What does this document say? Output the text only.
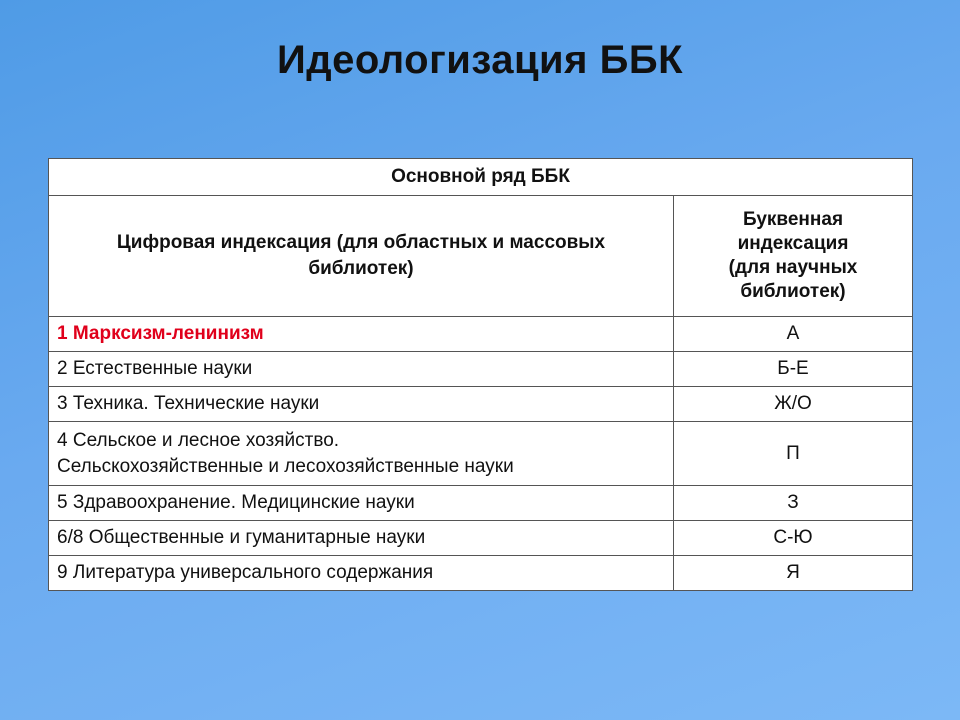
Идеологизация ББК
Основной ряд ББК	
Цифровая индексация (для областных и массовых библиотек)	Буквенная
индексация
(для научных
библиотек)

1 Марксизм-ленинизм	А
2 Естественные науки	Б-Е
3 Техника. Технические науки	Ж/О

4 Сельское и лесное хозяйство.
Сельскохозяйственные и лесохозяйственные науки	П
5 Здравоохранение. Медицинские науки	З
6/8 Общественные и гуманитарные науки	С-Ю
9 Литература универсального содержания	Я
